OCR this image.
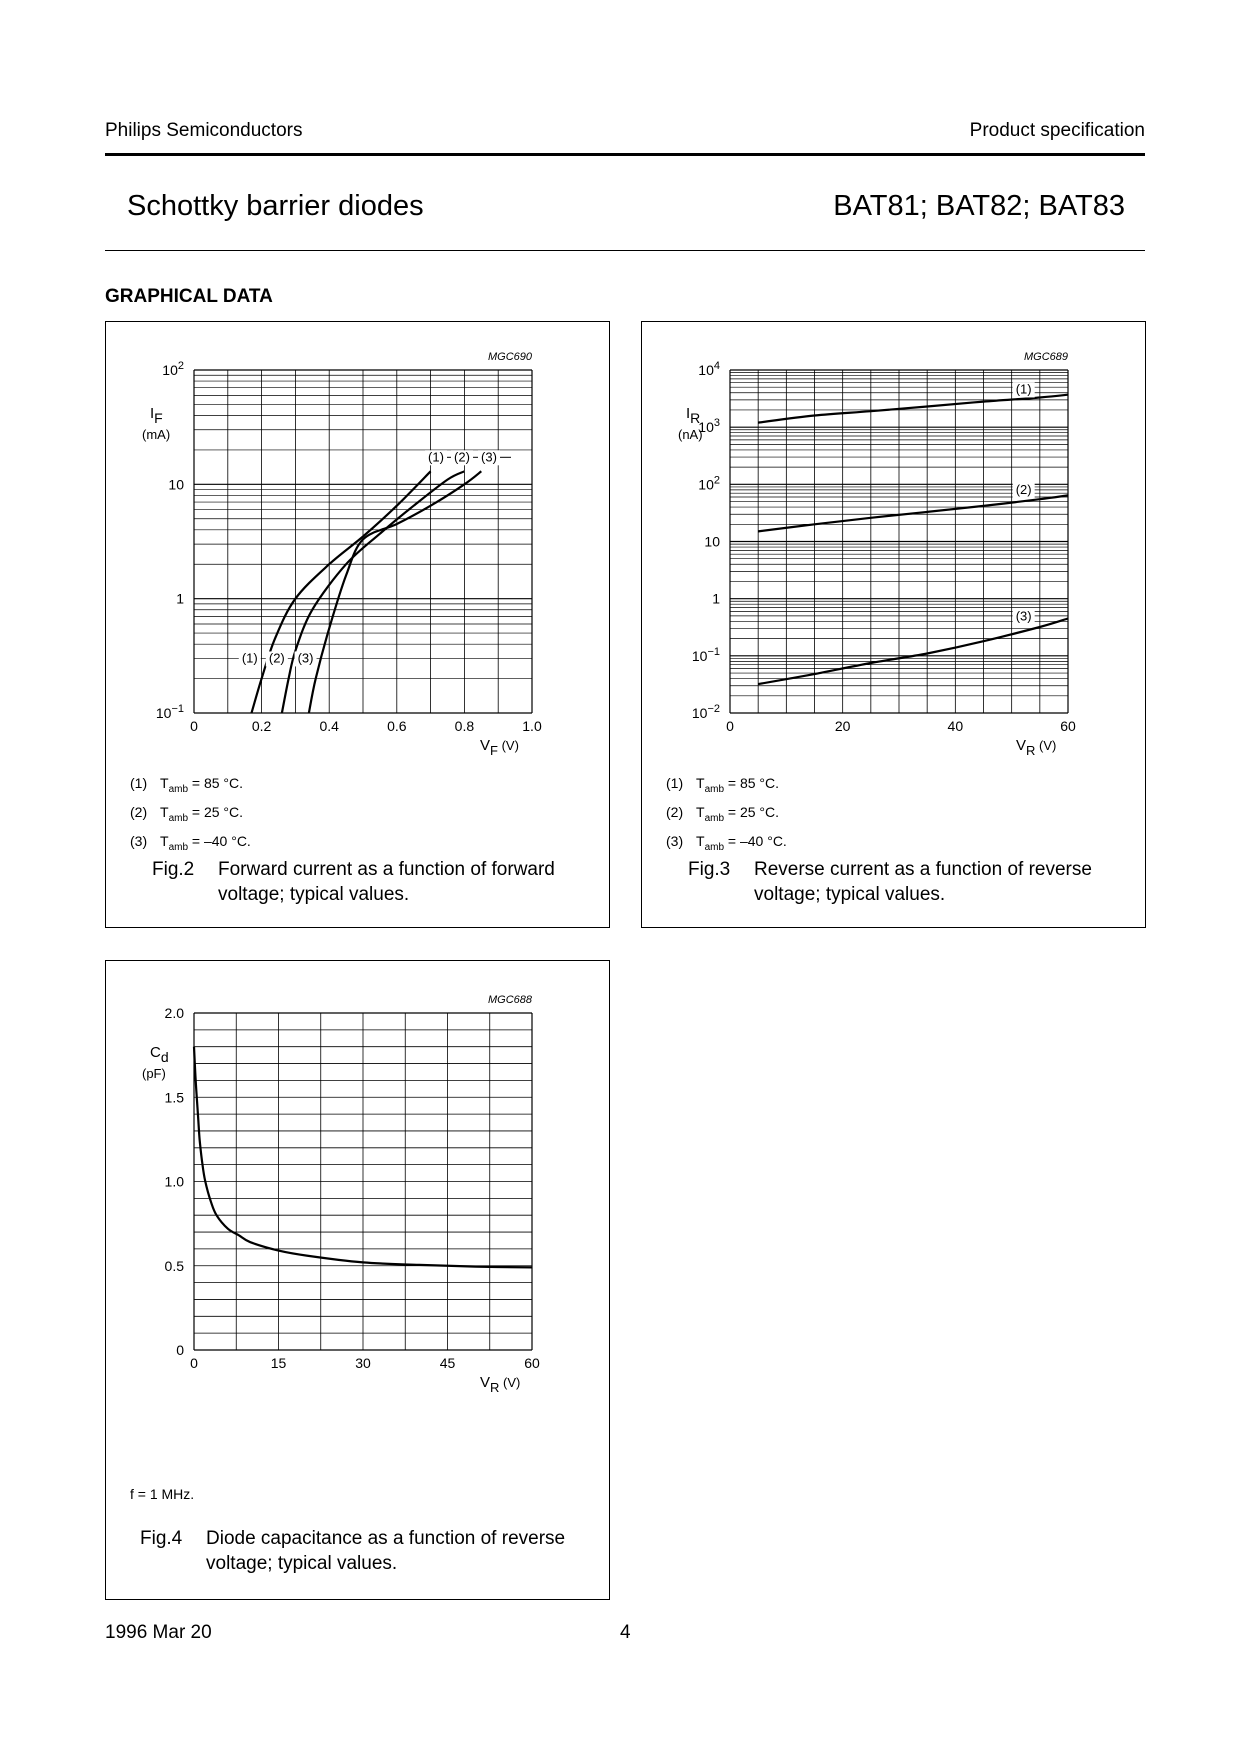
Philips Semiconductors	Product specification
Schottky barrier diodes	BAT81; BAT82; BAT83
GRAPHICAL DATA
0	0.2	0.4	0.6	0.8	1.0
$10^{-1}$
1
10
$10^2$
MGC690
IF
(mA)
VF (V)
(1) (2) (3)
(1) (2) (3)
(1) $T_{amb} = 85$ °C.
(2) $T_{amb} = 25$ °C.
(3) $T_{amb} = -40$ °C.
Fig.2	Forward current as a function of forward voltage; typical values.
0	20	40	60
$10^{-2}$
$10^{-1}$
1
10
$10^2$
$10^3$
$10^4$
MGC689
IR
(nA)
VR (V)
(1)
(2)
(3)
(1) $T_{amb} = 85$ °C.
(2) $T_{amb} = 25$ °C.
(3) $T_{amb} = -40$ °C.
Fig.3	Reverse current as a function of reverse voltage; typical values.
0	15	30	45	60
0
0.5
1.0
1.5
2.0
MGC688
Cd
(pF)
VR (V)
f = 1 MHz.
Fig.4	Diode capacitance as a function of reverse voltage; typical values.
1996 Mar 20	4
